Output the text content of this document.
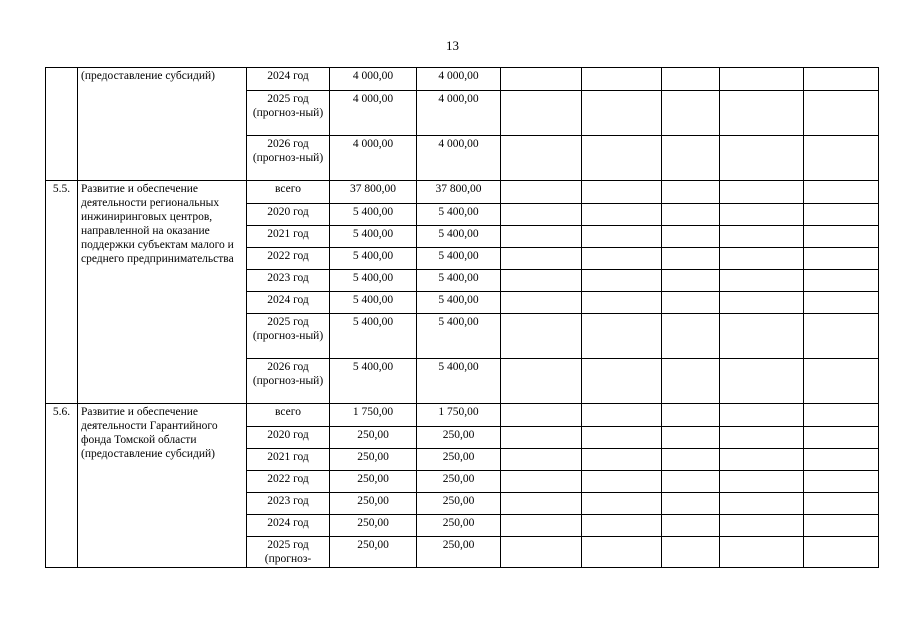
13
	(предоставление субсидий)	2024 год	4 000,00	4 000,00					
		2025 год (прогноз-ный)	4 000,00	4 000,00					
		2026 год (прогноз-ный)	4 000,00	4 000,00					
5.5.	Развитие и обеспечение деятельности региональных инжиниринговых центров, направленной на оказание поддержки субъектам малого и среднего предпринимательства	всего	37 800,00	37 800,00					
		2020 год	5 400,00	5 400,00					
		2021 год	5 400,00	5 400,00					
		2022 год	5 400,00	5 400,00					
		2023 год	5 400,00	5 400,00					
		2024 год	5 400,00	5 400,00					
		2025 год (прогноз-ный)	5 400,00	5 400,00					
		2026 год (прогноз-ный)	5 400,00	5 400,00					
5.6.	Развитие и обеспечение деятельности Гарантийного фонда Томской области (предоставление субсидий)	всего	1 750,00	1 750,00					
		2020 год	250,00	250,00					
		2021 год	250,00	250,00					
		2022 год	250,00	250,00					
		2023 год	250,00	250,00					
		2024 год	250,00	250,00					
		2025 год (прогноз-	250,00	250,00					
